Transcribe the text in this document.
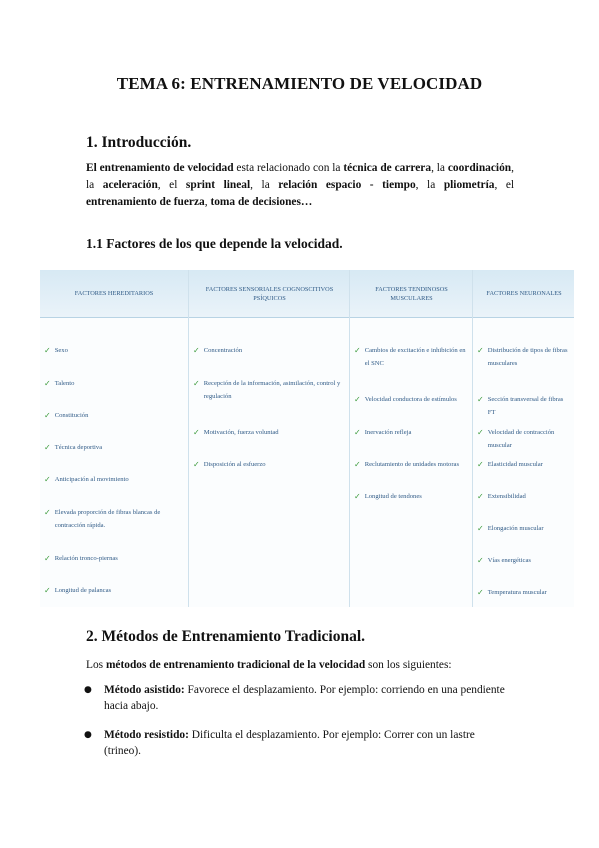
TEMA 6: ENTRENAMIENTO DE VELOCIDAD
1. Introducción.
El entrenamiento de velocidad esta relacionado con la técnica de carrera, la coordinación, la aceleración, el sprint lineal, la relación espacio - tiempo, la pliometría, el entrenamiento de fuerza, toma de decisiones…
1.1 Factores de los que depende la velocidad.
FACTORES HEREDITARIOS
✓ Sexo
✓ Talento
✓ Constitución
✓ Técnica deportiva
✓ Anticipación al movimiento
✓ Elevada proporción de fibras blancas de contracción rápida.
✓ Relación tronco-piernas
✓ Longitud de palancas
FACTORES SENSORIALES COGNOSCITIVOS PSÍQUICOS
✓ Concentración
✓ Recepción de la información, asimilación, control y regulación
✓ Motivación, fuerza voluntad
✓ Disposición al esfuerzo
FACTORES TENDINOSOS MUSCULARES
✓ Cambios de excitación e inhibición en el SNC
✓ Velocidad conductora de estímulos
✓ Inervación refleja
✓ Reclutamiento de unidades motoras
✓ Longitud de tendones
FACTORES NEURONALES
✓ Distribución de tipos de fibras musculares
✓ Sección transversal de fibras FT
✓ Velocidad de contracción muscular
✓ Elasticidad muscular
✓ Extensibilidad
✓ Elongación muscular
✓ Vías energéticas
✓ Temperatura muscular
2. Métodos de Entrenamiento Tradicional.
Los métodos de entrenamiento tradicional de la velocidad son los siguientes:
● Método asistido: Favorece el desplazamiento. Por ejemplo: corriendo en una pendiente hacia abajo.
● Método resistido: Dificulta el desplazamiento. Por ejemplo: Correr con un lastre (trineo).
